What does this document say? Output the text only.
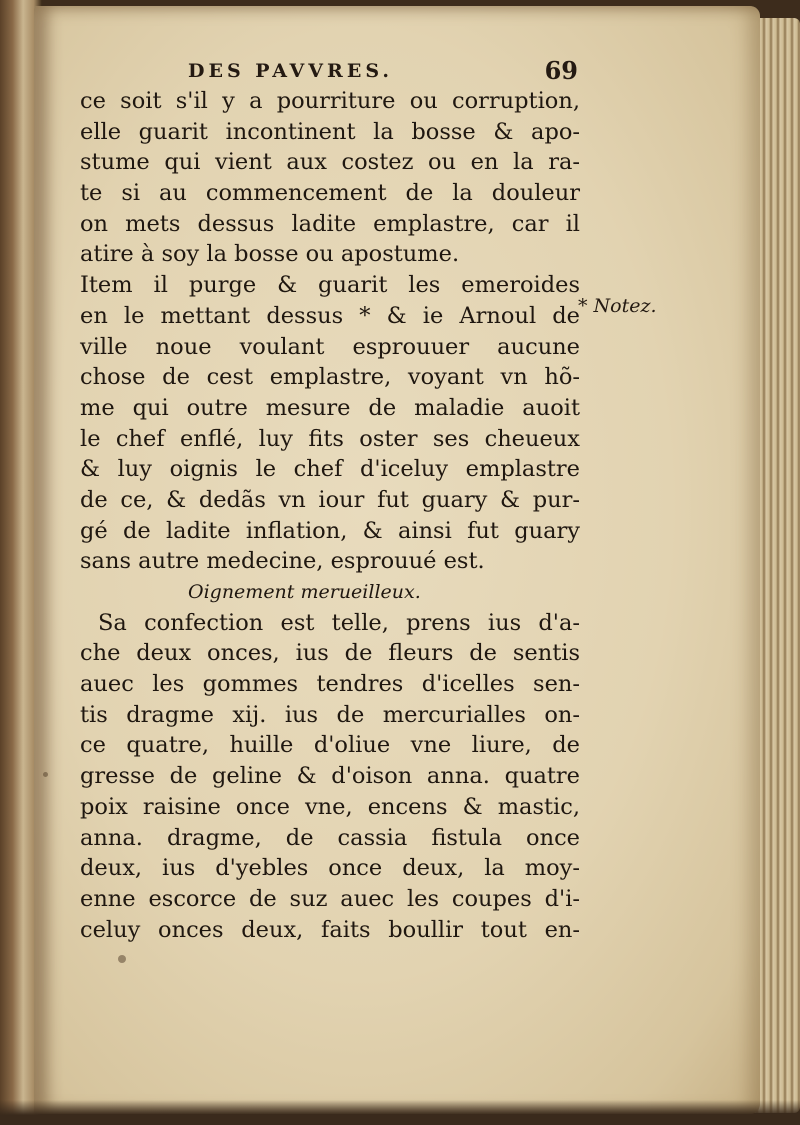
DES PAVVRES.	69
* Notez.
ce soit s'il y a pourriture ou corruption,
elle guarit incontinent la bosse & apo-
stume qui vient aux costez ou en la ra-
te si au commencement de la douleur
on mets dessus ladite emplastre, car il
atire à soy la bosse ou apostume.
Item il purge & guarit les emeroides
en le mettant dessus * & ie Arnoul de
ville noue voulant esprouuer aucune
chose de cest emplastre, voyant vn hõ-
me qui outre mesure de maladie auoit
le chef enflé, luy fits oster ses cheueux
& luy oignis le chef d'iceluy emplastre
de ce, & dedãs vn iour fut guary & pur-
gé de ladite inflation, & ainsi fut guary
sans autre medecine, esprouué est.
Oignement merueilleux.
Sa confection est telle, prens ius d'a-
che deux onces, ius de fleurs de sentis
auec les gommes tendres d'icelles sen-
tis dragme xij. ius de mercurialles on-
ce quatre, huille d'oliue vne liure, de
gresse de geline & d'oison anna. quatre
poix raisine once vne, encens & mastic,
anna. dragme, de cassia fistula once
deux, ius d'yebles once deux, la moy-
enne escorce de suz auec les coupes d'i-
celuy onces deux, faits boullir tout en-
